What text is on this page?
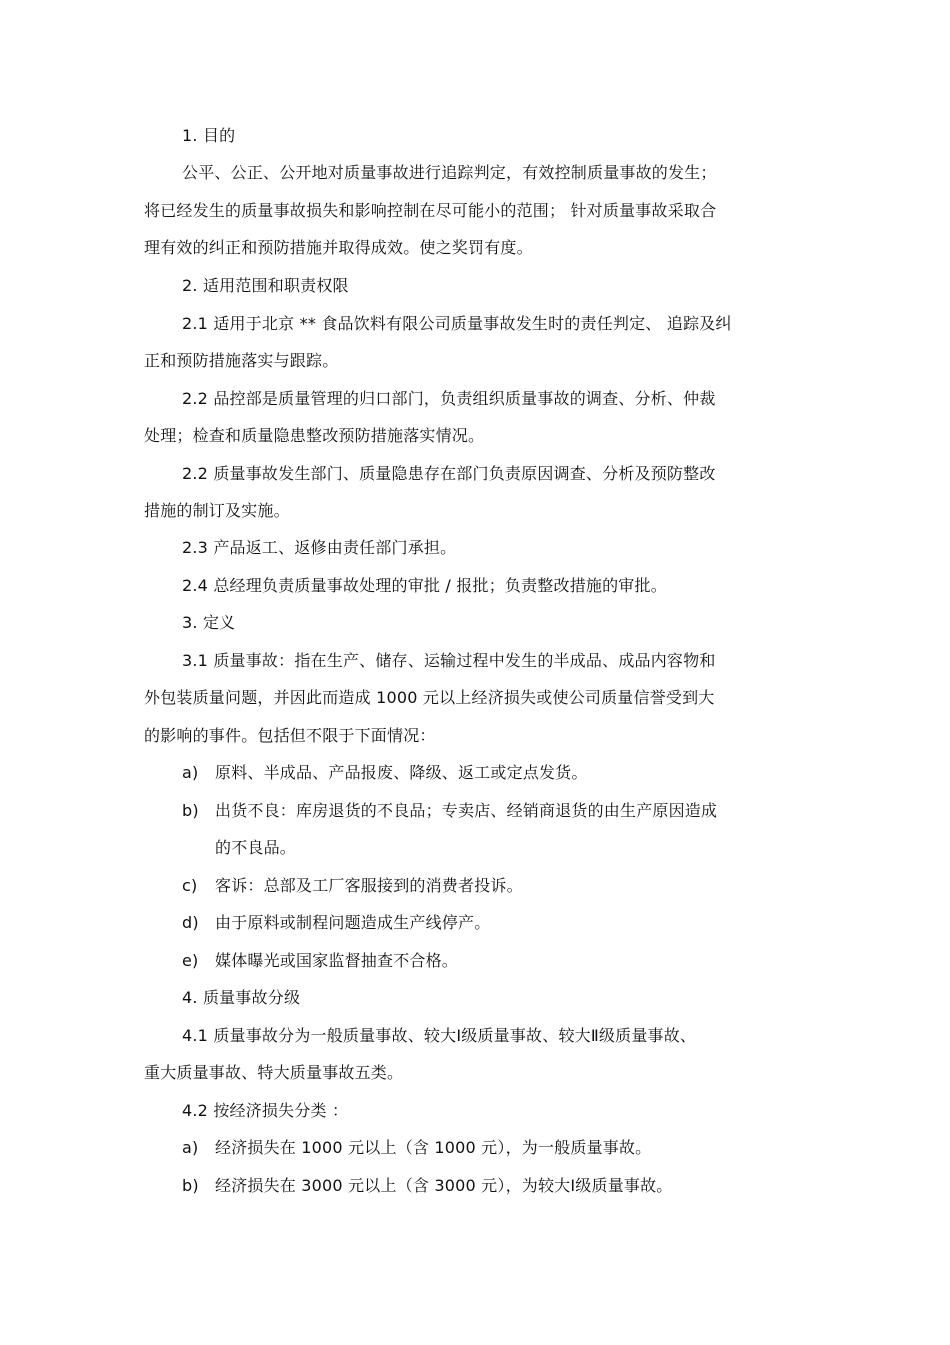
1. 目的
公平、公正、公开地对质量事故进行追踪判定，有效控制质量事故的发生；
将已经发生的质量事故损失和影响控制在尽可能小的范围； 针对质量事故采取合
理有效的纠正和预防措施并取得成效。使之奖罚有度。
2. 适用范围和职责权限
2.1 适用于北京 ** 食品饮料有限公司质量事故发生时的责任判定、 追踪及纠
正和预防措施落实与跟踪。
2.2 品控部是质量管理的归口部门，负责组织质量事故的调查、分析、仲裁
处理；检查和质量隐患整改预防措施落实情况。
2.2 质量事故发生部门、质量隐患存在部门负责原因调查、分析及预防整改
措施的制订及实施。
2.3 产品返工、返修由责任部门承担。
2.4 总经理负责质量事故处理的审批 / 报批；负责整改措施的审批。
3. 定义
3.1 质量事故：指在生产、储存、运输过程中发生的半成品、成品内容物和
外包装质量问题，并因此而造成 1000 元以上经济损失或使公司质量信誉受到大
的影响的事件。包括但不限于下面情况：
a) 原料、半成品、产品报废、降级、返工或定点发货。
b) 出货不良：库房退货的不良品；专卖店、经销商退货的由生产原因造成
的不良品。
c) 客诉：总部及工厂客服接到的消费者投诉。
d) 由于原料或制程问题造成生产线停产。
e) 媒体曝光或国家监督抽查不合格。
4. 质量事故分级
4.1 质量事故分为一般质量事故、较大Ⅰ级质量事故、较大Ⅱ级质量事故、
重大质量事故、特大质量事故五类。
4.2 按经济损失分类 ：
a) 经济损失在 1000 元以上（含 1000 元），为一般质量事故。
b) 经济损失在 3000 元以上（含 3000 元），为较大Ⅰ级质量事故。
